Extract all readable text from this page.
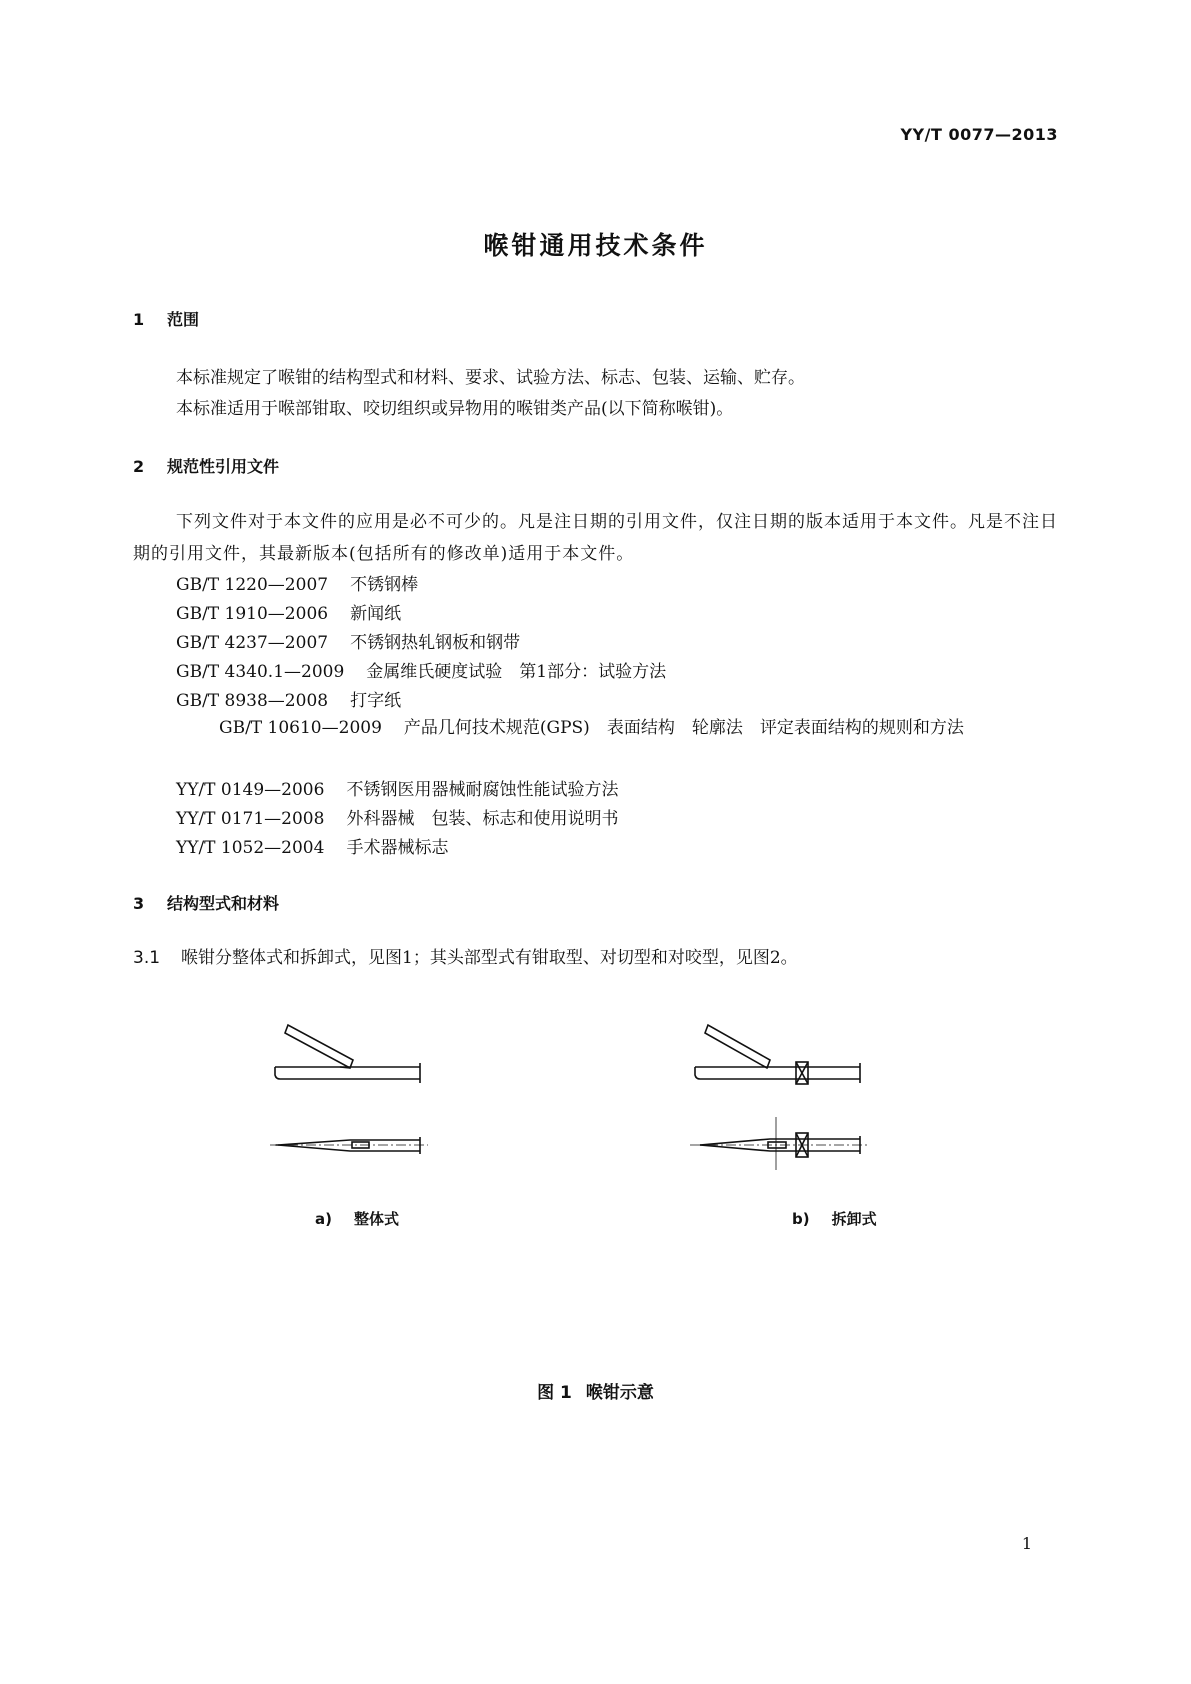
YY/T 0077—2013
喉钳通用技术条件
1 范围
本标准规定了喉钳的结构型式和材料、要求、试验方法、标志、包装、运输、贮存。
本标准适用于喉部钳取、咬切组织或异物用的喉钳类产品(以下简称喉钳)。
2 规范性引用文件
下列文件对于本文件的应用是必不可少的。凡是注日期的引用文件，仅注日期的版本适用于本文件。凡是不注日期的引用文件，其最新版本(包括所有的修改单)适用于本文件。
GB/T 1220—2007 不锈钢棒
GB/T 1910—2006 新闻纸
GB/T 4237—2007 不锈钢热轧钢板和钢带
GB/T 4340.1—2009 金属维氏硬度试验　第1部分：试验方法
GB/T 8938—2008 打字纸
GB/T 10610—2009 产品几何技术规范(GPS)　表面结构　轮廓法　评定表面结构的规则和方法
YY/T 0149—2006 不锈钢医用器械耐腐蚀性能试验方法
YY/T 0171—2008 外科器械　包装、标志和使用说明书
YY/T 1052—2004 手术器械标志
3 结构型式和材料
3.1 喉钳分整体式和拆卸式，见图1；其头部型式有钳取型、对切型和对咬型，见图2。
a) 整体式	b) 拆卸式
图 1 喉钳示意
1
